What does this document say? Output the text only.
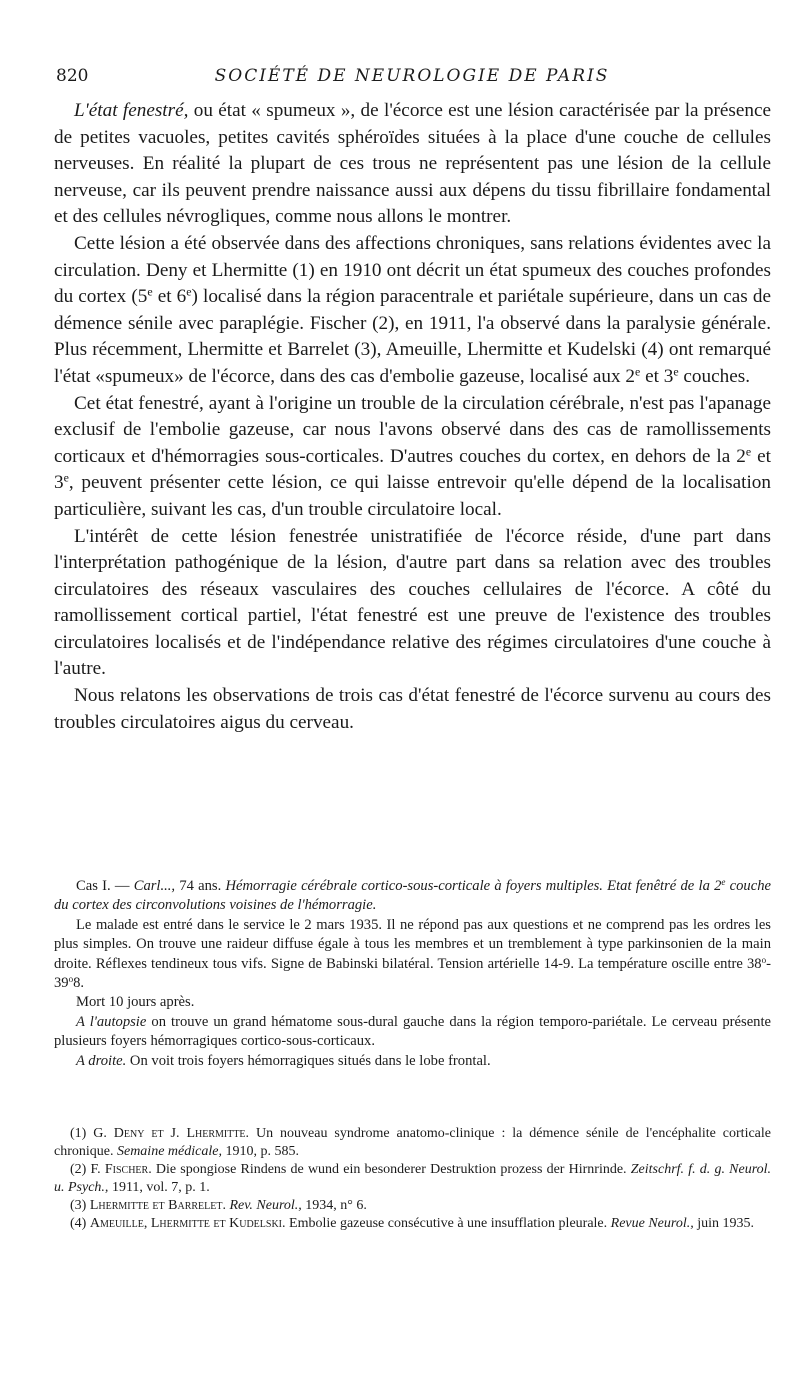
820	SOCIÉTÉ DE NEUROLOGIE DE PARIS

L'état fenestré, ou état « spumeux », de l'écorce est une lésion caractérisée par la présence de petites vacuoles, petites cavités sphéroïdes situées à la place d'une couche de cellules nerveuses. En réalité la plupart de ces trous ne représentent pas une lésion de la cellule nerveuse, car ils peuvent prendre naissance aussi aux dépens du tissu fibrillaire fondamental et des cellules névrogliques, comme nous allons le montrer.

Cette lésion a été observée dans des affections chroniques, sans relations évidentes avec la circulation. Deny et Lhermitte (1) en 1910 ont décrit un état spumeux des couches profondes du cortex (5e et 6e) localisé dans la région paracentrale et pariétale supérieure, dans un cas de démence sénile avec paraplégie. Fischer (2), en 1911, l'a observé dans la paralysie générale. Plus récemment, Lhermitte et Barrelet (3), Ameuille, Lhermitte et Kudelski (4) ont remarqué l'état «spumeux» de l'écorce, dans des cas d'embolie gazeuse, localisé aux 2e et 3e couches.

Cet état fenestré, ayant à l'origine un trouble de la circulation cérébrale, n'est pas l'apanage exclusif de l'embolie gazeuse, car nous l'avons observé dans des cas de ramollissements corticaux et d'hémorragies sous-corticales. D'autres couches du cortex, en dehors de la 2e et 3e, peuvent présenter cette lésion, ce qui laisse entrevoir qu'elle dépend de la localisation particulière, suivant les cas, d'un trouble circulatoire local.

L'intérêt de cette lésion fenestrée unistratifiée de l'écorce réside, d'une part dans l'interprétation pathogénique de la lésion, d'autre part dans sa relation avec des troubles circulatoires des réseaux vasculaires des couches cellulaires de l'écorce. A côté du ramollissement cortical partiel, l'état fenestré est une preuve de l'existence des troubles circulatoires localisés et de l'indépendance relative des régimes circulatoires d'une couche à l'autre.

Nous relatons les observations de trois cas d'état fenestré de l'écorce survenu au cours des troubles circulatoires aigus du cerveau.

Cas I. — Carl..., 74 ans. Hémorragie cérébrale cortico-sous-corticale à foyers multiples. Etat fenêtré de la 2e couche du cortex des circonvolutions voisines de l'hémorragie.

Le malade est entré dans le service le 2 mars 1935. Il ne répond pas aux questions et ne comprend pas les ordres les plus simples. On trouve une raideur diffuse égale à tous les membres et un tremblement à type parkinsonien de la main droite. Réflexes tendineux tous vifs. Signe de Babinski bilatéral. Tension artérielle 14-9. La température oscille entre 38$^o$-39$^o$8.

Mort 10 jours après.

A l'autopsie on trouve un grand hématome sous-dural gauche dans la région temporo-pariétale. Le cerveau présente plusieurs foyers hémorragiques cortico-sous-corticaux.

A droite. On voit trois foyers hémorragiques situés dans le lobe frontal.

(1) G. Deny et J. Lhermitte. Un nouveau syndrome anatomo-clinique : la démence sénile de l'encéphalite corticale chronique. Semaine médicale, 1910, p. 585.

(2) F. Fischer. Die spongiose Rindens de wund ein besonderer Destruktion prozess der Hirnrinde. Zeitschrf. f. d. g. Neurol. u. Psych., 1911, vol. 7, p. 1.

(3) Lhermitte et Barrelet. Rev. Neurol., 1934, n° 6.

(4) Ameuille, Lhermitte et Kudelski. Embolie gazeuse consécutive à une insufflation pleurale. Revue Neurol., juin 1935.
